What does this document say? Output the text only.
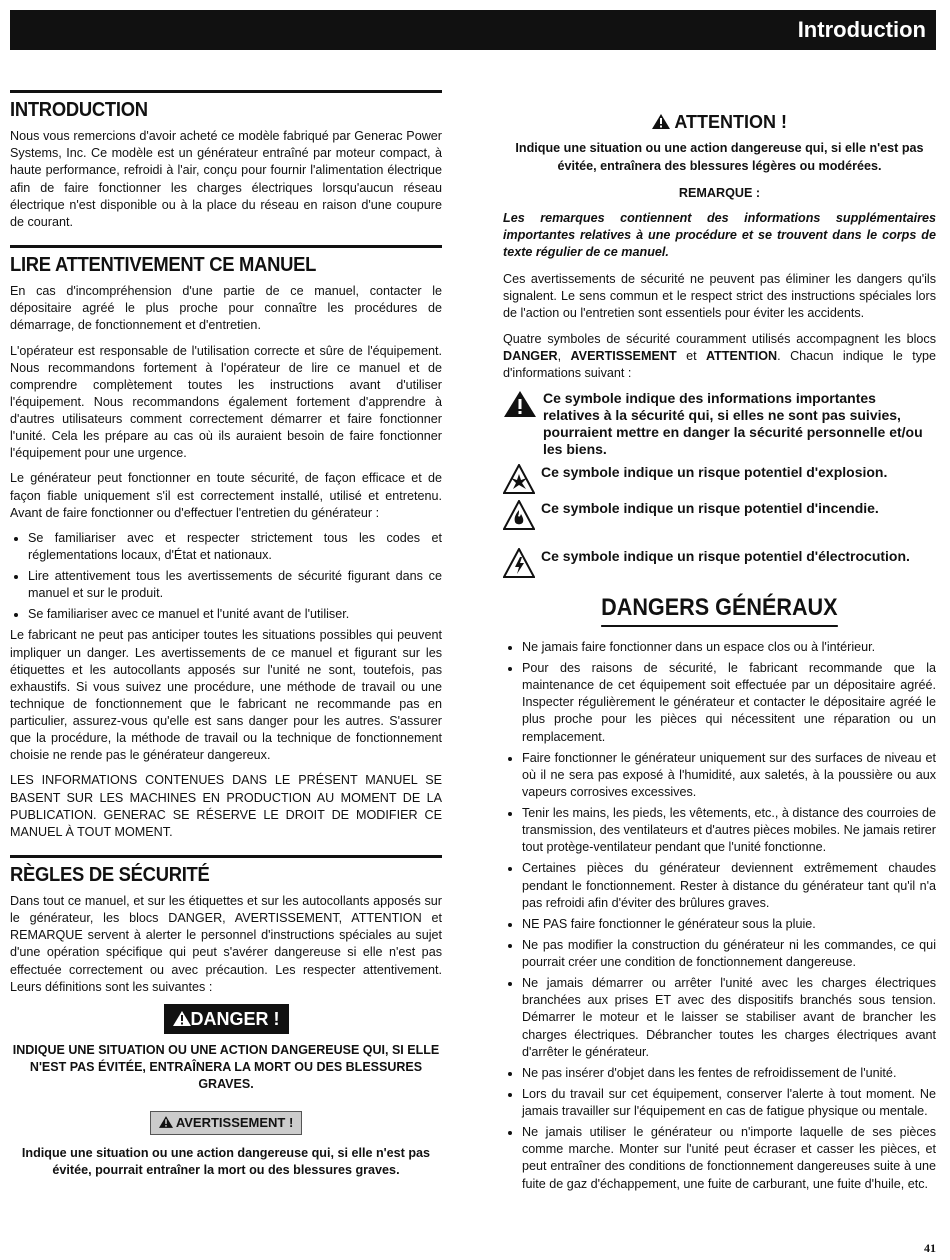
Introduction
INTRODUCTION

Nous vous remercions d'avoir acheté ce modèle fabriqué par Generac Power Systems, Inc. Ce modèle est un générateur entraîné par moteur compact, à haute performance, refroidi à l'air, conçu pour fournir l'alimentation électrique afin de faire fonctionner les charges électriques lorsqu'aucun réseau électrique n'est disponible ou à la place du réseau en raison d'une coupure de courant.

LIRE ATTENTIVEMENT CE MANUEL

En cas d'incompréhension d'une partie de ce manuel, contacter le dépositaire agréé le plus proche pour connaître les procédures de démarrage, de fonctionnement et d'entretien.

L'opérateur est responsable de l'utilisation correcte et sûre de l'équipement. Nous recommandons fortement à l'opérateur de lire ce manuel et de comprendre complètement toutes les instructions avant d'utiliser l'équipement. Nous recommandons également fortement d'apprendre à d'autres utilisateurs comment correctement démarrer et faire fonctionner l'unité. Cela les prépare au cas où ils auraient besoin de faire fonctionner l'équipement pour une urgence.

Le générateur peut fonctionner en toute sécurité, de façon efficace et de façon fiable uniquement s'il est correctement installé, utilisé et entretenu. Avant de faire fonctionner ou d'effectuer l'entretien du générateur :

• Se familiariser avec et respecter strictement tous les codes et réglementations locaux, d'État et nationaux.
• Lire attentivement tous les avertissements de sécurité figurant dans ce manuel et sur le produit.
• Se familiariser avec ce manuel et l'unité avant de l'utiliser.

Le fabricant ne peut pas anticiper toutes les situations possibles qui peuvent impliquer un danger. Les avertissements de ce manuel et figurant sur les étiquettes et les autocollants apposés sur l'unité ne sont, toutefois, pas exhaustifs. Si vous suivez une procédure, une méthode de travail ou une technique de fonctionnement que le fabricant ne recommande pas en particulier, assurez-vous qu'elle est sans danger pour les autres. S'assurer que la procédure, la méthode de travail ou la technique de fonctionnement choisie ne rende pas le générateur dangereux.

LES INFORMATIONS CONTENUES DANS LE PRÉSENT MANUEL SE BASENT SUR LES MACHINES EN PRODUCTION AU MOMENT DE LA PUBLICATION. GENERAC SE RÉSERVE LE DROIT DE MODIFIER CE MANUEL À TOUT MOMENT.

RÈGLES DE SÉCURITÉ

Dans tout ce manuel, et sur les étiquettes et sur les autocollants apposés sur le générateur, les blocs DANGER, AVERTISSEMENT, ATTENTION et REMARQUE servent à alerter le personnel d'instructions spéciales au sujet d'une opération spécifique qui peut s'avérer dangereuse si elle n'est pas effectuée correctement ou avec précaution. Les respecter attentivement. Leurs définitions sont les suivantes :

DANGER !

INDIQUE UNE SITUATION OU UNE ACTION DANGEREUSE QUI, SI ELLE N'EST PAS ÉVITÉE, ENTRAÎNERA LA MORT OU DES BLESSURES GRAVES.

AVERTISSEMENT !

Indique une situation ou une action dangereuse qui, si elle n'est pas évitée, pourrait entraîner la mort ou des blessures graves.

ATTENTION !

Indique une situation ou une action dangereuse qui, si elle n'est pas évitée, entraînera des blessures légères ou modérées.

REMARQUE :

Les remarques contiennent des informations supplémentaires importantes relatives à une procédure et se trouvent dans le corps de texte régulier de ce manuel.

Ces avertissements de sécurité ne peuvent pas éliminer les dangers qu'ils signalent. Le sens commun et le respect strict des instructions spéciales lors de l'action ou l'entretien sont essentiels pour éviter les accidents.

Quatre symboles de sécurité couramment utilisés accompagnent les blocs DANGER, AVERTISSEMENT et ATTENTION. Chacun indique le type d'informations suivant :

Ce symbole indique des informations importantes relatives à la sécurité qui, si elles ne sont pas suivies, pourraient mettre en danger la sécurité personnelle et/ou les biens.
Ce symbole indique un risque potentiel d'explosion.
Ce symbole indique un risque potentiel d'incendie.
Ce symbole indique un risque potentiel d'électrocution.
DANGERS GÉNÉRAUX
• Ne jamais faire fonctionner dans un espace clos ou à l'intérieur.
• Pour des raisons de sécurité, le fabricant recommande que la maintenance de cet équipement soit effectuée par un dépositaire agréé. Inspecter régulièrement le générateur et contacter le dépositaire agréé le plus proche pour les pièces qui nécessitent une réparation ou un remplacement.
• Faire fonctionner le générateur uniquement sur des surfaces de niveau et où il ne sera pas exposé à l'humidité, aux saletés, à la poussière ou aux vapeurs corrosives excessives.
• Tenir les mains, les pieds, les vêtements, etc., à distance des courroies de transmission, des ventilateurs et d'autres pièces mobiles. Ne jamais retirer tout protège-ventilateur pendant que l'unité fonctionne.
• Certaines pièces du générateur deviennent extrêmement chaudes pendant le fonctionnement. Rester à distance du générateur tant qu'il n'a pas refroidi afin d'éviter des brûlures graves.
• NE PAS faire fonctionner le générateur sous la pluie.
• Ne pas modifier la construction du générateur ni les commandes, ce qui pourrait créer une condition de fonctionnement dangereuse.
• Ne jamais démarrer ou arrêter l'unité avec les charges électriques branchées aux prises ET avec des dispositifs branchés sous tension. Démarrer le moteur et le laisser se stabiliser avant de brancher les charges électriques. Débrancher toutes les charges électriques avant d'arrêter le générateur.
• Ne pas insérer d'objet dans les fentes de refroidissement de l'unité.
• Lors du travail sur cet équipement, conserver l'alerte à tout moment. Ne jamais travailler sur l'équipement en cas de fatigue physique ou mentale.
• Ne jamais utiliser le générateur ou n'importe laquelle de ses pièces comme marche. Monter sur l'unité peut écraser et casser les pièces, et peut entraîner des conditions de fonctionnement dangereuses suite à une fuite de gaz d'échappement, une fuite de carburant, une fuite d'huile, etc.
41
